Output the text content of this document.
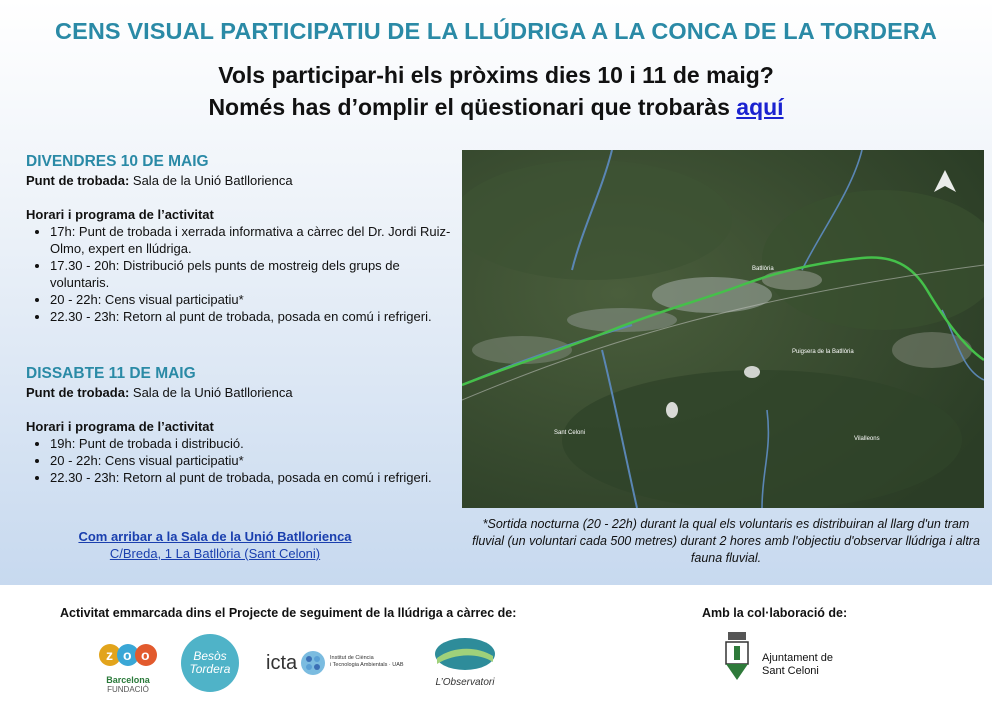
CENS VISUAL PARTICIPATIU DE LA LLÚDRIGA A LA CONCA DE LA TORDERA
Vols participar-hi els pròxims dies 10 i 11 de maig?
Només has d’omplir el qüestionari que trobaràs aquí
DIVENDRES 10 DE MAIG
Punt de trobada: Sala de la Unió Batllorienca
Horari i programa de l’activitat
• 17h: Punt de trobada i xerrada informativa a càrrec del Dr. Jordi Ruiz-Olmo, expert en llúdriga.
• 17.30 - 20h: Distribució pels punts de mostreig dels grups de voluntaris.
• 20 - 22h: Cens visual participatiu*
• 22.30 - 23h: Retorn al punt de trobada, posada en comú i refrigeri.
DISSABTE 11 DE MAIG
Punt de trobada: Sala de la Unió Batllorienca
Horari i programa de l’activitat
• 19h: Punt de trobada i distribució.
• 20 - 22h: Cens visual participatiu*
• 22.30 - 23h: Retorn al punt de trobada, posada en comú i refrigeri.
Com arribar a la Sala de la Unió Batllorienca
C/Breda, 1 La Batllòria (Sant Celoni)
Batllòria
Puigsera de la Batllòria
Sant Celoni
Vilalleons
*Sortida nocturna (20 - 22h) durant la qual els voluntaris es distribuiran al llarg d'un tram fluvial (un voluntari cada 500 metres) durant 2 hores amb l'objectiu d'observar llúdriga i altra fauna fluvial.
Activitat emmarcada dins el Projecte de seguiment de la llúdriga a càrrec de:	Amb la col·laboració de:
z o o
Barcelona
FUNDACIÓ
Besòs Tordera icta	Institut de Ciència
i Tecnologia Ambientals · UAB
L’Observatori
Ajuntament de
Sant Celoni
